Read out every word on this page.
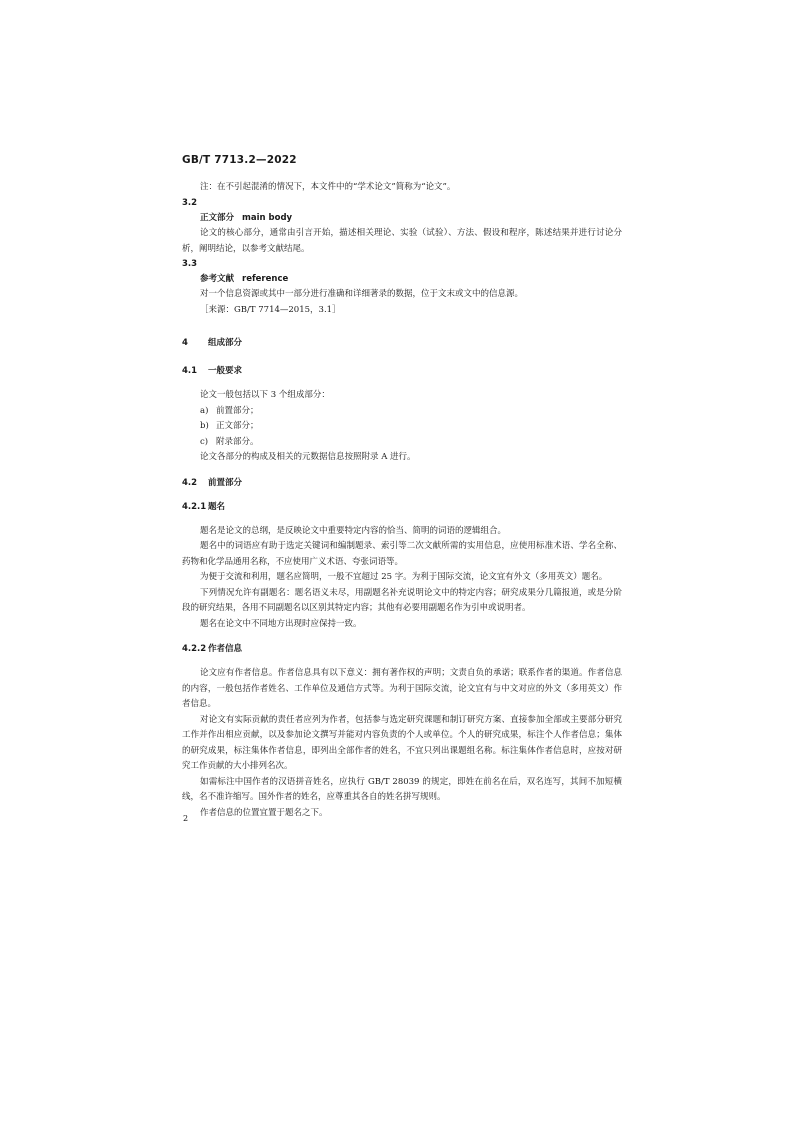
GB/T 7713.2—2022

注：在不引起混淆的情况下，本文件中的“学术论文”简称为“论文”。

3.2

正文部分 main body

论文的核心部分，通常由引言开始，描述相关理论、实验（试验）、方法、假设和程序，陈述结果并进行讨论分析，阐明结论，以参考文献结尾。

3.3

参考文献 reference

对一个信息资源或其中一部分进行准确和详细著录的数据，位于文末或文中的信息源。

［来源：GB/T 7714—2015，3.1］

4 组成部分
4.1 一般要求

论文一般包括以下 3 个组成部分：

a) 前置部分；

b) 正文部分；

c) 附录部分。

论文各部分的构成及相关的元数据信息按照附录 A 进行。

4.2 前置部分
4.2.1 题名

题名是论文的总纲，是反映论文中重要特定内容的恰当、简明的词语的逻辑组合。

题名中的词语应有助于选定关键词和编制题录、索引等二次文献所需的实用信息，应使用标准术语、学名全称、药物和化学品通用名称，不应使用广义术语、夸张词语等。

为便于交流和利用，题名应简明，一般不宜超过 25 字。为利于国际交流，论文宜有外文（多用英文）题名。

下列情况允许有副题名：题名语义未尽，用副题名补充说明论文中的特定内容；研究成果分几篇报道，或是分阶段的研究结果，各用不同副题名以区别其特定内容；其他有必要用副题名作为引申或说明者。

题名在论文中不同地方出现时应保持一致。

4.2.2 作者信息

论文应有作者信息。作者信息具有以下意义：拥有著作权的声明；文责自负的承诺；联系作者的渠道。作者信息的内容，一般包括作者姓名、工作单位及通信方式等。为利于国际交流，论文宜有与中文对应的外文（多用英文）作者信息。

对论文有实际贡献的责任者应列为作者，包括参与选定研究课题和制订研究方案、直接参加全部或主要部分研究工作并作出相应贡献，以及参加论文撰写并能对内容负责的个人或单位。个人的研究成果，标注个人作者信息；集体的研究成果，标注集体作者信息，即列出全部作者的姓名，不宜只列出课题组名称。标注集体作者信息时，应按对研究工作贡献的大小排列名次。

如需标注中国作者的汉语拼音姓名，应执行 GB/T 28039 的规定，即姓在前名在后，双名连写，其间不加短横线，名不准许缩写。国外作者的姓名，应尊重其各自的姓名拼写规则。

作者信息的位置宜置于题名之下。

2
